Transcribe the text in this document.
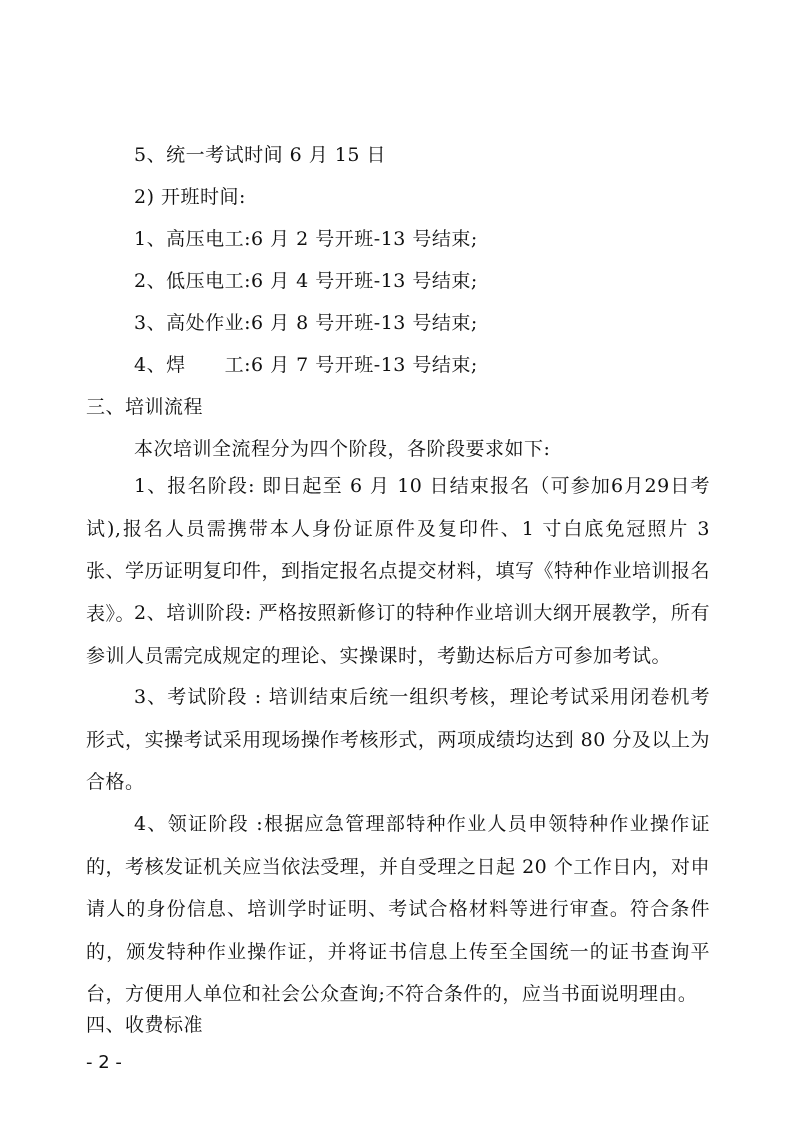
5、统一考试时间 6 月 15 日
2) 开班时间:
1、高压电工:6 月 2 号开班-13 号结束;
2、低压电工:6 月 4 号开班-13 号结束;
3、高处作业:6 月 8 号开班-13 号结束;
4、焊　　工:6 月 7 号开班-13 号结束;
三、培训流程
本次培训全流程分为四个阶段，各阶段要求如下:
1、报名阶段: 即日起至 6 月 10 日结束报名（可参加6月29日考试),报名人员需携带本人身份证原件及复印件、1 寸白底免冠照片 3 张、学历证明复印件，到指定报名点提交材料，填写《特种作业培训报名表》。
2、培训阶段: 严格按照新修订的特种作业培训大纲开展教学，所有参训人员需完成规定的理论、实操课时，考勤达标后方可参加考试。
3、考试阶段 : 培训结束后统一组织考核，理论考试采用闭卷机考形式，实操考试采用现场操作考核形式，两项成绩均达到 80 分及以上为合格。
4、领证阶段 :根据应急管理部特种作业人员申领特种作业操作证的，考核发证机关应当依法受理，并自受理之日起 20 个工作日内，对申请人的身份信息、培训学时证明、考试合格材料等进行审查。符合条件的，颁发特种作业操作证，并将证书信息上传至全国统一的证书查询平台，方便用人单位和社会公众查询;不符合条件的，应当书面说明理由。
四、收费标准
- 2 -
